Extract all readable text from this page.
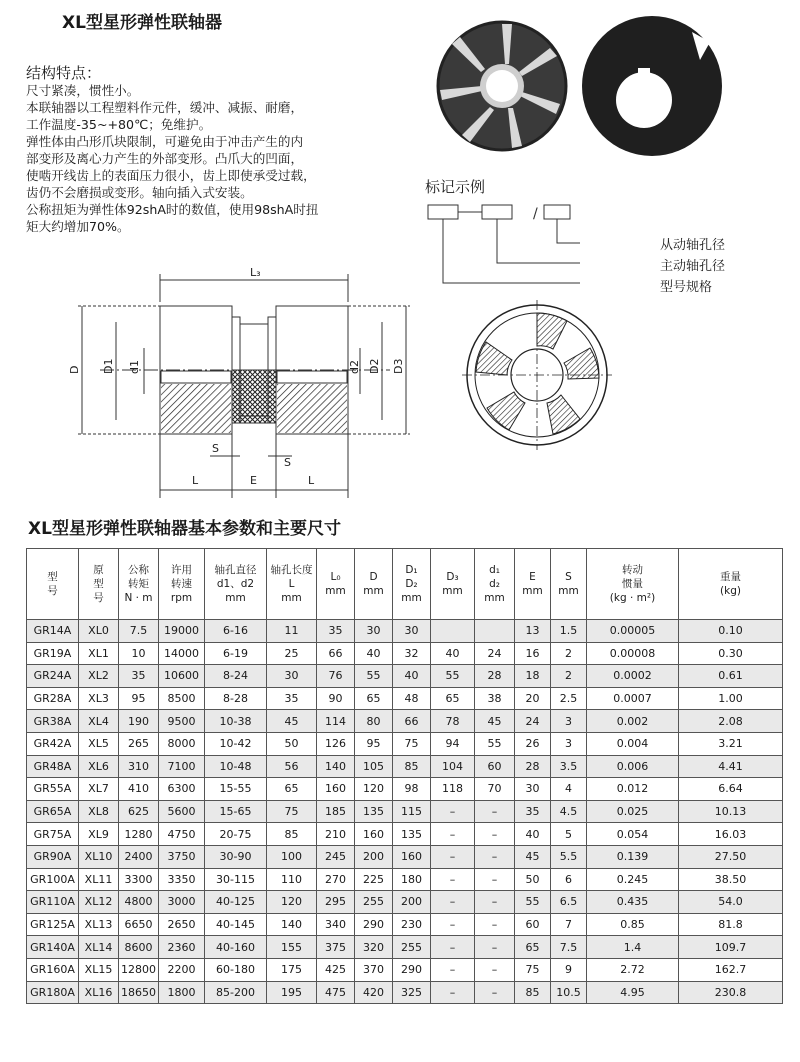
XL型星形弹性联轴器
结构特点：
尺寸紧凑，惯性小。
本联轴器以工程塑料作元件，缓冲、减振、耐磨，
工作温度-35~+80℃；免维护。
弹性体由凸形爪块限制，可避免由于冲击产生的内
部变形及离心力产生的外部变形。凸爪大的凹面，
使啮开线齿上的表面压力很小，齿上即使承受过载，
齿仍不会磨损或变形。轴向插入式安装。
公称扭矩为弹性体92shA时的数值，使用98shA时扭
矩大约增加70%。
标记示例
/
从动轴孔径
主动轴孔径
型号规格
L₃
D D1 d1	d2 D2 D3
S
S
L	E	L
XL型星形弹性联轴器基本参数和主要尺寸
型
号	原
型
号	公称
转矩
N · m	许用
转速
rpm	轴孔直径
d1、d2
mm	轴孔长度
L
mm	L₀
mm	D
mm	D₁
D₂
mm	D₃
mm	d₁
d₂
mm	E
mm	S
mm	转动
惯量
(kg · m²)	重量
(kg)

GR14A	XL0	7.5	19000	6-16	11	35	30	30			13	1.5	0.00005	0.10
GR19A	XL1	10	14000	6-19	25	66	40	32	40	24	16	2	0.00008	0.30
GR24A	XL2	35	10600	8-24	30	76	55	40	55	28	18	2	0.0002	0.61
GR28A	XL3	95	8500	8-28	35	90	65	48	65	38	20	2.5	0.0007	1.00
GR38A	XL4	190	9500	10-38	45	114	80	66	78	45	24	3	0.002	2.08
GR42A	XL5	265	8000	10-42	50	126	95	75	94	55	26	3	0.004	3.21
GR48A	XL6	310	7100	10-48	56	140	105	85	104	60	28	3.5	0.006	4.41
GR55A	XL7	410	6300	15-55	65	160	120	98	118	70	30	4	0.012	6.64
GR65A	XL8	625	5600	15-65	75	185	135	115	–	–	35	4.5	0.025	10.13
GR75A	XL9	1280	4750	20-75	85	210	160	135	–	–	40	5	0.054	16.03
GR90A	XL10	2400	3750	30-90	100	245	200	160	–	–	45	5.5	0.139	27.50
GR100A	XL11	3300	3350	30-115	110	270	225	180	–	–	50	6	0.245	38.50
GR110A	XL12	4800	3000	40-125	120	295	255	200	–	–	55	6.5	0.435	54.0
GR125A	XL13	6650	2650	40-145	140	340	290	230	–	–	60	7	0.85	81.8
GR140A	XL14	8600	2360	40-160	155	375	320	255	–	–	65	7.5	1.4	109.7
GR160A	XL15	12800	2200	60-180	175	425	370	290	–	–	75	9	2.72	162.7
GR180A	XL16	18650	1800	85-200	195	475	420	325	–	–	85	10.5	4.95	230.8
